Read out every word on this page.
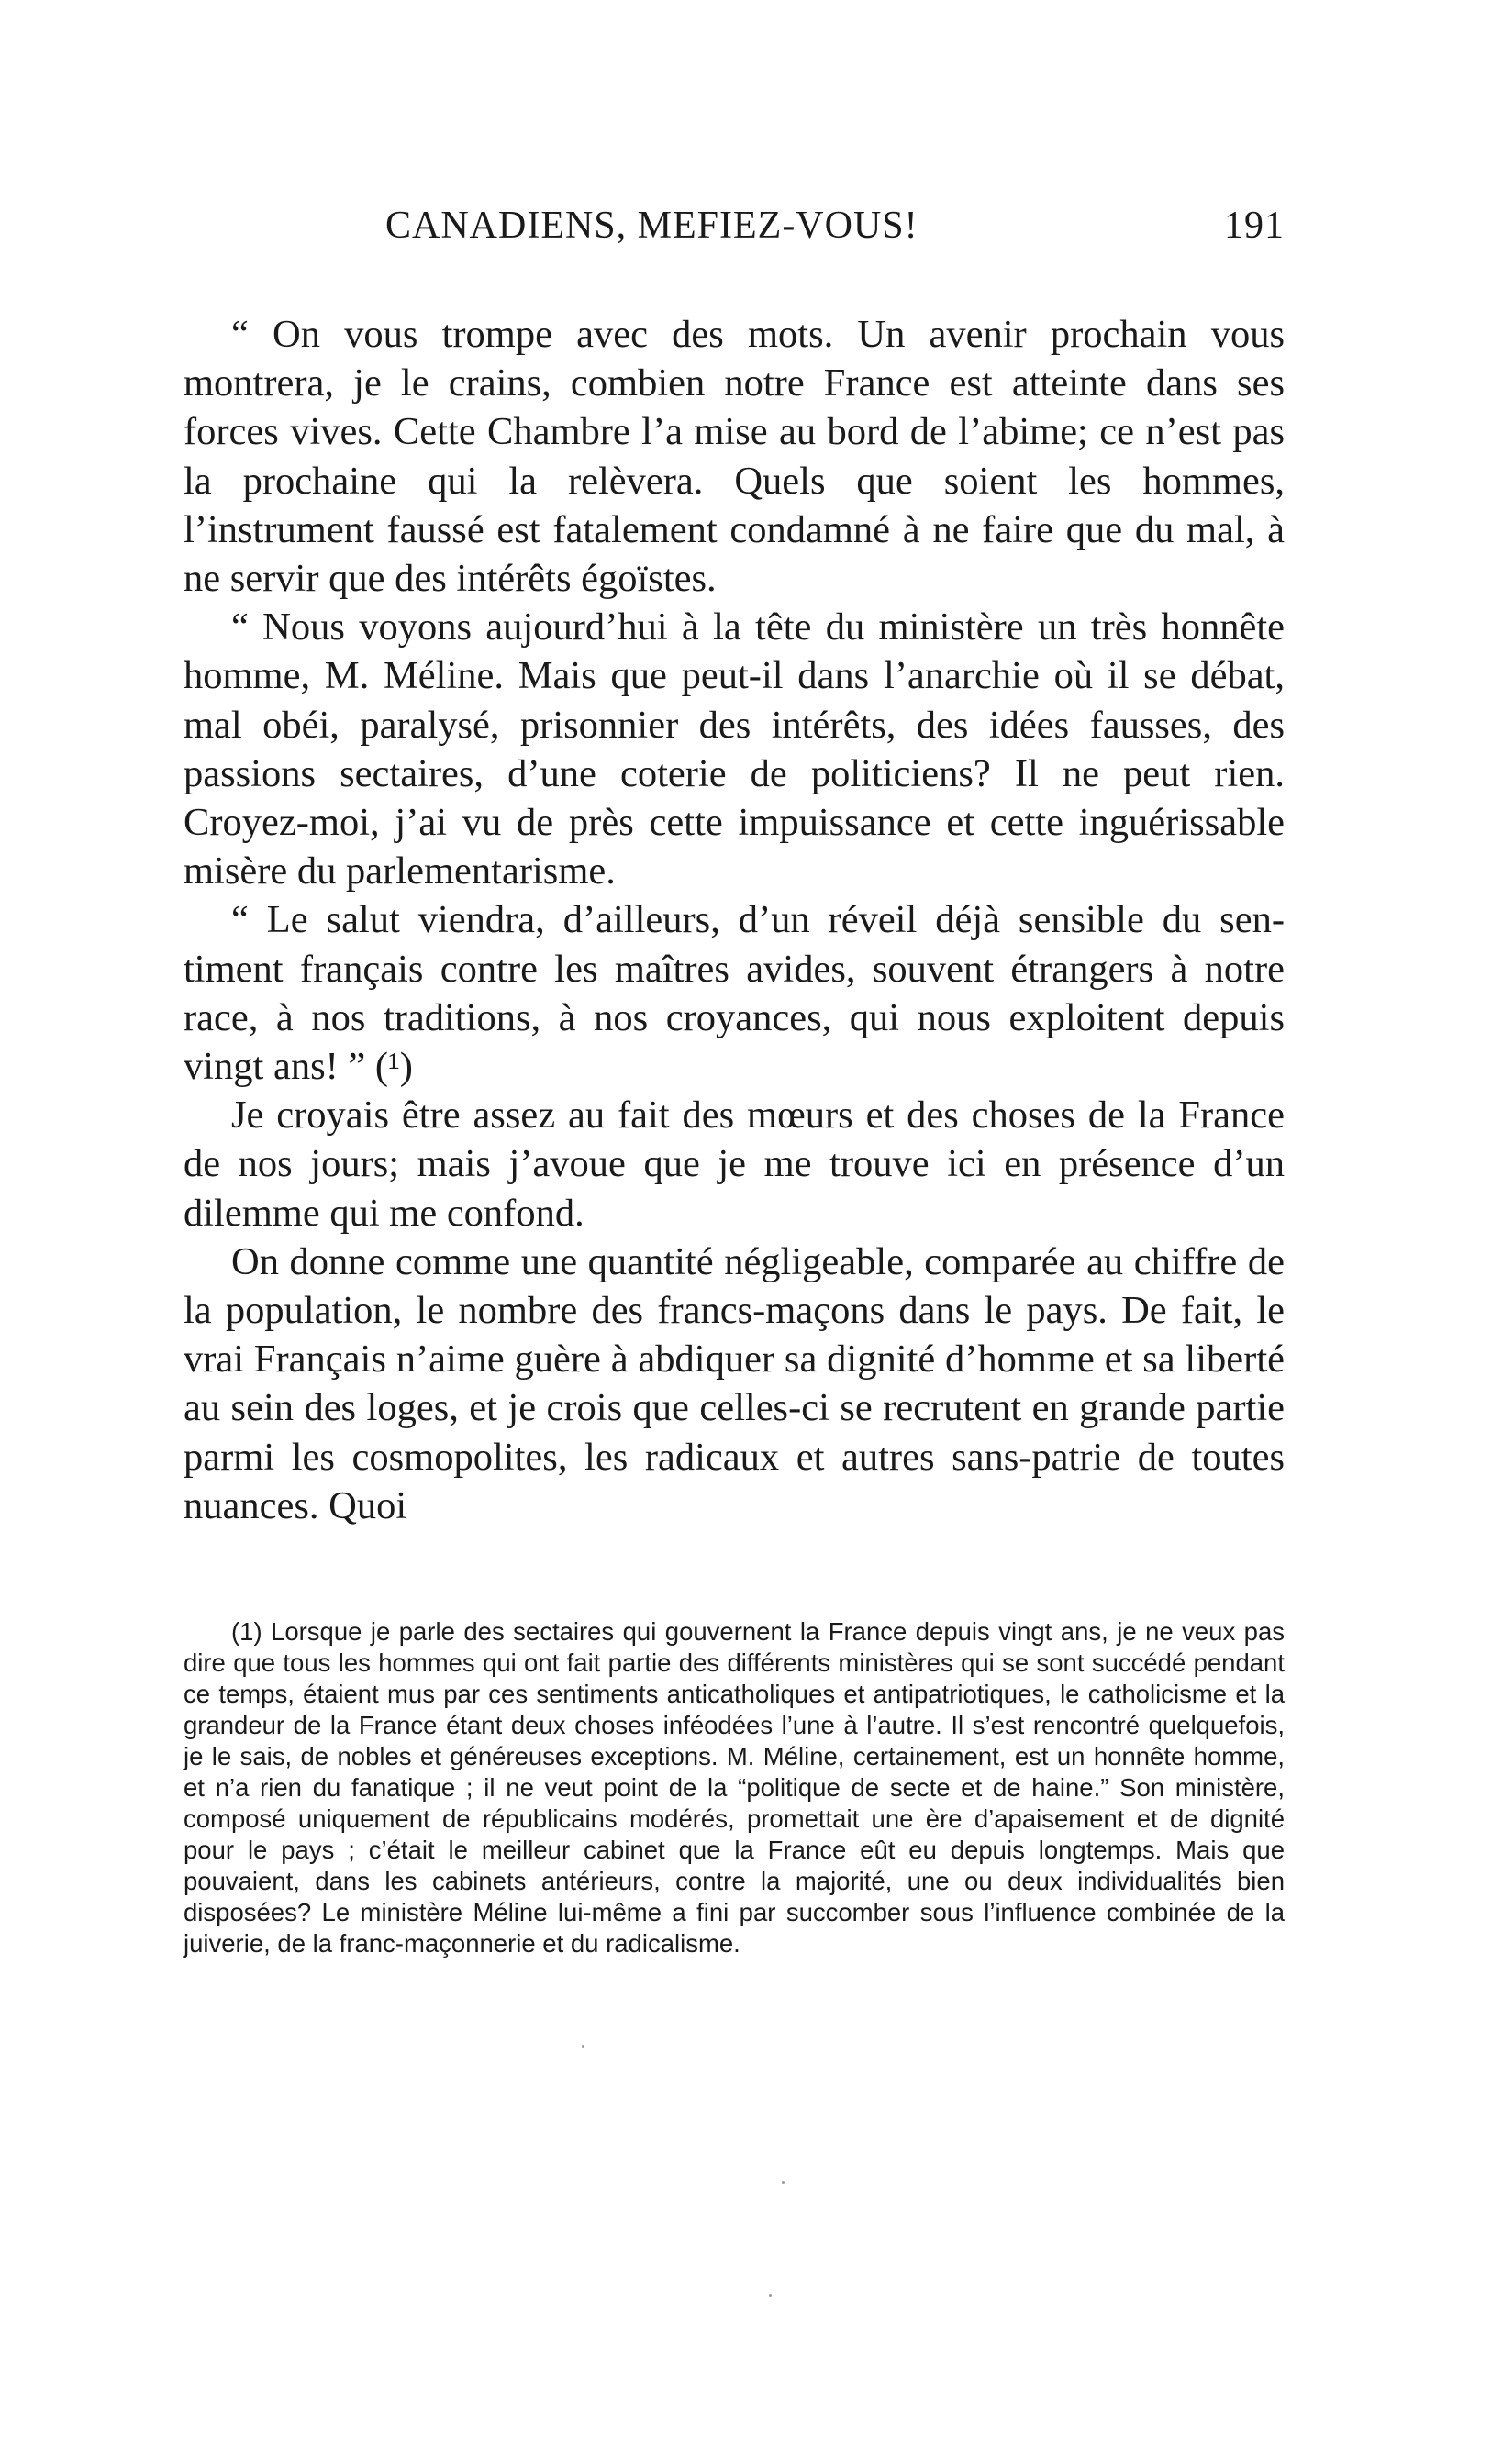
CANADIENS, MEFIEZ-VOUS!	191

“ On vous trompe avec des mots. Un avenir prochain vous montrera, je le crains, combien notre France est atteinte dans ses forces vives. Cette Chambre l’a mise au bord de l’abime; ce n’est pas la prochaine qui la relèvera. Quels que soient les hommes, l’instrument faussé est fatalement condamné à ne faire que du mal, à ne servir que des intérêts égoïstes.

“ Nous voyons aujourd’hui à la tête du ministère un très honnête homme, M. Méline. Mais que peut-il dans l’anarchie où il se débat, mal obéi, paralysé, prisonnier des intérêts, des idées fausses, des passions sectaires, d’une coterie de politiciens? Il ne peut rien. Croyez-moi, j’ai vu de près cette impuissance et cette inguérissable misère du parlementarisme.

“ Le salut viendra, d’ailleurs, d’un réveil déjà sensible du sentiment français contre les maîtres avides, souvent étrangers à notre race, à nos traditions, à nos croyances, qui nous exploitent depuis vingt ans! ” (¹)

Je croyais être assez au fait des mœurs et des choses de la France de nos jours; mais j’avoue que je me trouve ici en présence d’un dilemme qui me confond.

On donne comme une quantité négligeable, comparée au chiffre de la population, le nombre des francs-maçons dans le pays. De fait, le vrai Français n’aime guère à abdiquer sa dignité d’homme et sa liberté au sein des loges, et je crois que celles-ci se recrutent en grande partie parmi les cosmopolites, les radicaux et autres sans-patrie de toutes nuances. Quoi

(1) Lorsque je parle des sectaires qui gouvernent la France depuis vingt ans, je ne veux pas dire que tous les hommes qui ont fait partie des différents ministères qui se sont succédé pendant ce temps, étaient mus par ces sentiments anticatholiques et antipatriotiques, le catholicisme et la grandeur de la France étant deux choses inféodées l’une à l’autre. Il s’est rencontré quelquefois, je le sais, de nobles et généreuses exceptions. M. Méline, certainement, est un honnête homme, et n’a rien du fanatique ; il ne veut point de la “politique de secte et de haine.” Son ministère, composé uniquement de républicains modérés, promettait une ère d’apaisement et de dignité pour le pays ; c’était le meilleur cabinet que la France eût eu depuis longtemps. Mais que pouvaient, dans les cabinets antérieurs, contre la majorité, une ou deux individualités bien disposées? Le ministère Méline lui-même a fini par succomber sous l’influence combinée de la juiverie, de la franc-maçonnerie et du radicalisme.
